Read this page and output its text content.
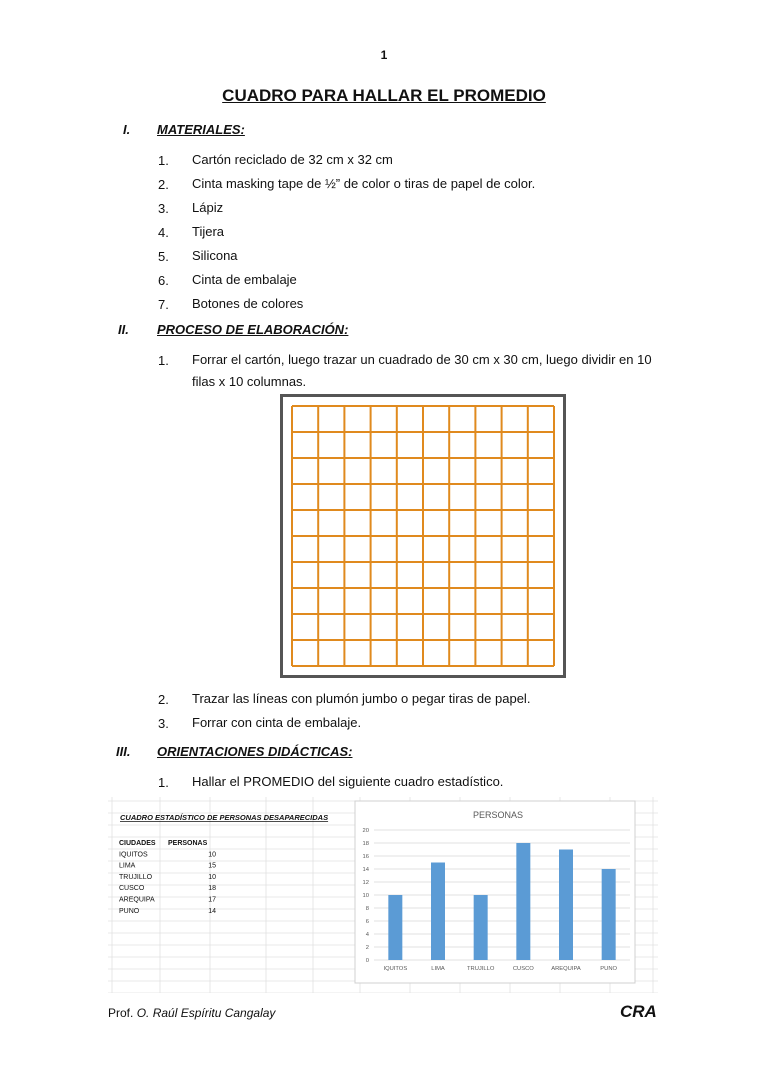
1
CUADRO PARA HALLAR EL PROMEDIO
I. MATERIALES:
1. Cartón reciclado de 32 cm x 32 cm
2. Cinta masking tape de ½” de color o tiras de papel de color.
3. Lápiz
4. Tijera
5. Silicona
6. Cinta de embalaje
7. Botones de colores
II. PROCESO DE ELABORACIÓN:
1. Forrar el cartón, luego trazar un cuadrado de 30 cm x 30 cm, luego dividir en 10 filas x 10 columnas.
2. Trazar las líneas con plumón jumbo o pegar tiras de papel.
3. Forrar con cinta de embalaje.
III. ORIENTACIONES DIDÁCTICAS:
1. Hallar el PROMEDIO del siguiente cuadro estadístico.
CUADRO ESTADÍSTICO DE PERSONAS DESAPARECIDAS
CIUDADES PERSONAS
IQUITOS	10
LIMA	15
TRUJILLO	10
CUSCO	18
AREQUIPA	17
PUNO	14
PERSONAS
0
2
4
6
8
10
12
14
16
18
20
IQUITOS	LIMA	TRUJILLO	CUSCO	AREQUIPA	PUNO
Prof. O. Raúl Espíritu Cangalay	CRA
